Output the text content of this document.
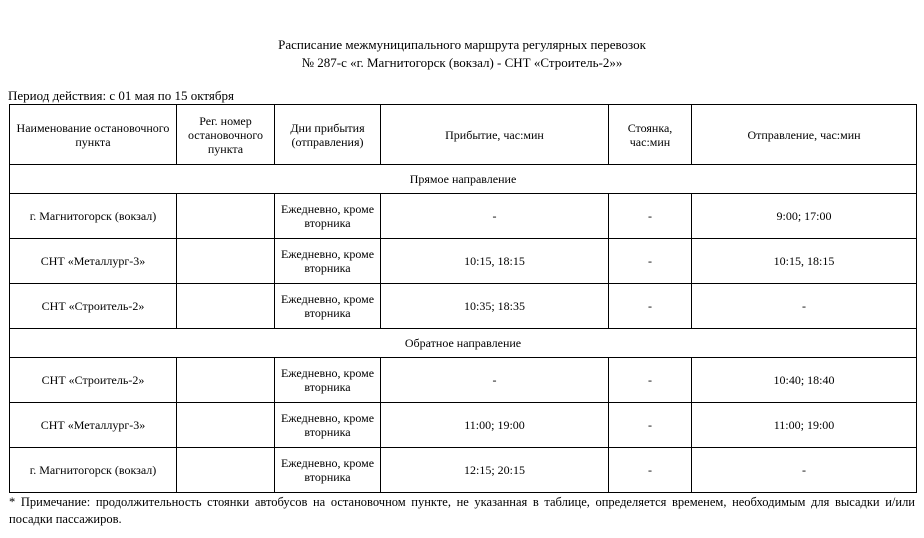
Расписание межмуниципального маршрута регулярных перевозок
№ 287-с «г. Магнитогорск (вокзал) - СНТ «Строитель-2»»
Период действия: с 01 мая по 15 октября
Наименование остановочного пункта	Рег. номер остановочного пункта	Дни прибытия (отправления)	Прибытие, час:мин	Стоянка, час:мин	Отправление, час:мин
Прямое направление					
г. Магнитогорск (вокзал)		Ежедневно, кроме вторника	-	-	9:00; 17:00
СНТ «Металлург-3»		Ежедневно, кроме вторника	10:15, 18:15	-	10:15, 18:15
СНТ «Строитель-2»		Ежедневно, кроме вторника	10:35; 18:35	-	-
Обратное направление					
СНТ «Строитель-2»		Ежедневно, кроме вторника	-	-	10:40; 18:40
СНТ «Металлург-3»		Ежедневно, кроме вторника	11:00; 19:00	-	11:00; 19:00
г. Магнитогорск (вокзал)		Ежедневно, кроме вторника	12:15; 20:15	-	-
* Примечание: продолжительность стоянки автобусов на остановочном пункте, не указанная в таблице, определяется временем, необходимым для высадки и/или посадки пассажиров.
